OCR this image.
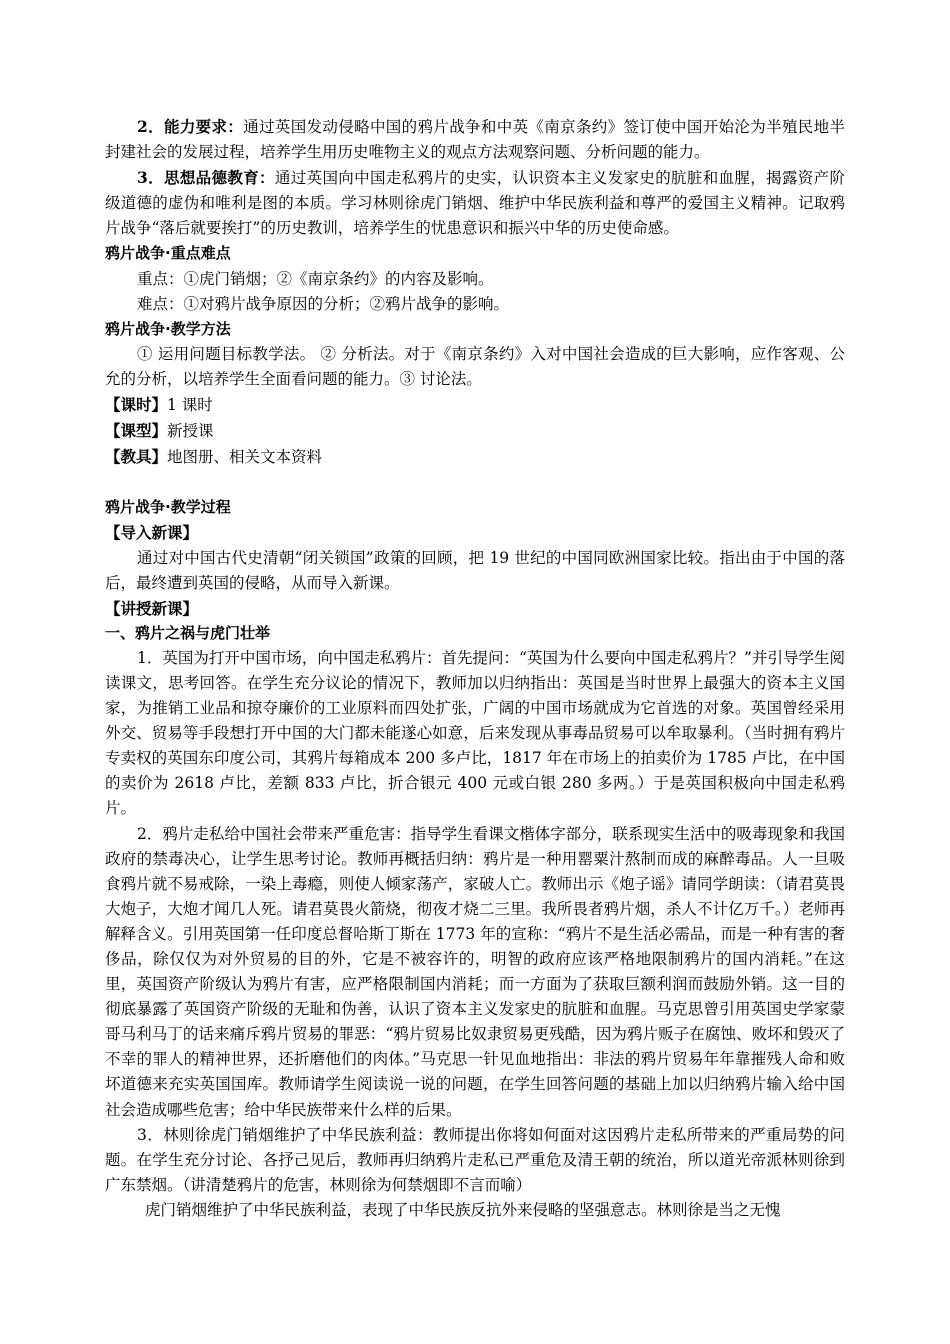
2．能力要求：通过英国发动侵略中国的鸦片战争和中英《南京条约》签订使中国开始沦为半殖民地半封建社会的发展过程，培养学生用历史唯物主义的观点方法观察问题、分析问题的能力。

3．思想品德教育：通过英国向中国走私鸦片的史实，认识资本主义发家史的肮脏和血腥，揭露资产阶级道德的虚伪和唯利是图的本质。学习林则徐虎门销烟、维护中华民族利益和尊严的爱国主义精神。记取鸦片战争“落后就要挨打”的历史教训，培养学生的忧患意识和振兴中华的历史使命感。

鸦片战争·重点难点

重点：①虎门销烟；②《南京条约》的内容及影响。

难点：①对鸦片战争原因的分析；②鸦片战争的影响。

鸦片战争·教学方法

① 运用问题目标教学法。 ② 分析法。对于《南京条约》入对中国社会造成的巨大影响，应作客观、公允的分析，以培养学生全面看问题的能力。③ 讨论法。

【课时】1 课时

【课型】新授课

【教具】地图册、相关文本资料

鸦片战争·教学过程

【导入新课】

通过对中国古代史清朝“闭关锁国”政策的回顾，把 19 世纪的中国同欧洲国家比较。指出由于中国的落后，最终遭到英国的侵略，从而导入新课。

【讲授新课】

一、鸦片之祸与虎门壮举

1．英国为打开中国市场，向中国走私鸦片：首先提问：“英国为什么要向中国走私鸦片？”并引导学生阅读课文，思考回答。在学生充分议论的情况下，教师加以归纳指出：英国是当时世界上最强大的资本主义国家，为推销工业品和掠夺廉价的工业原料而四处扩张，广阔的中国市场就成为它首选的对象。英国曾经采用外交、贸易等手段想打开中国的大门都未能遂心如意，后来发现从事毒品贸易可以牟取暴利。（当时拥有鸦片专卖权的英国东印度公司，其鸦片每箱成本 200 多卢比，1817 年在市场上的拍卖价为 1785 卢比，在中国的卖价为 2618 卢比，差额 833 卢比，折合银元 400 元或白银 280 多两。）于是英国积极向中国走私鸦片。

2．鸦片走私给中国社会带来严重危害：指导学生看课文楷体字部分，联系现实生活中的吸毒现象和我国政府的禁毒决心，让学生思考讨论。教师再概括归纳：鸦片是一种用罂粟汁熬制而成的麻醉毒品。人一旦吸食鸦片就不易戒除，一染上毒瘾，则使人倾家荡产，家破人亡。教师出示《炮子谣》请同学朗读：（请君莫畏大炮子，大炮才闻几人死。请君莫畏火箭烧，彻夜才烧二三里。我所畏者鸦片烟，杀人不计亿万千。）老师再解释含义。引用英国第一任印度总督哈斯丁斯在 1773 年的宣称：“鸦片不是生活必需品，而是一种有害的奢侈品，除仅仅为对外贸易的目的外，它是不被容许的，明智的政府应该严格地限制鸦片的国内消耗。”在这里，英国资产阶级认为鸦片有害，应严格限制国内消耗；而一方面为了获取巨额利润而鼓励外销。这一目的彻底暴露了英国资产阶级的无耻和伪善，认识了资本主义发家史的肮脏和血腥。马克思曾引用英国史学家蒙哥马利马丁的话来痛斥鸦片贸易的罪恶：“鸦片贸易比奴隶贸易更残酷，因为鸦片贩子在腐蚀、败坏和毁灭了不幸的罪人的精神世界，还折磨他们的肉体。”马克思一针见血地指出：非法的鸦片贸易年年靠摧残人命和败坏道德来充实英国国库。教师请学生阅读说一说的问题，在学生回答问题的基础上加以归纳鸦片输入给中国社会造成哪些危害；给中华民族带来什么样的后果。

3．林则徐虎门销烟维护了中华民族利益：教师提出你将如何面对这因鸦片走私所带来的严重局势的问题。在学生充分讨论、各抒己见后，教师再归纳鸦片走私已严重危及清王朝的统治，所以道光帝派林则徐到广东禁烟。（讲清楚鸦片的危害，林则徐为何禁烟即不言而喻）

虎门销烟维护了中华民族利益，表现了中华民族反抗外来侵略的坚强意志。林则徐是当之无愧
